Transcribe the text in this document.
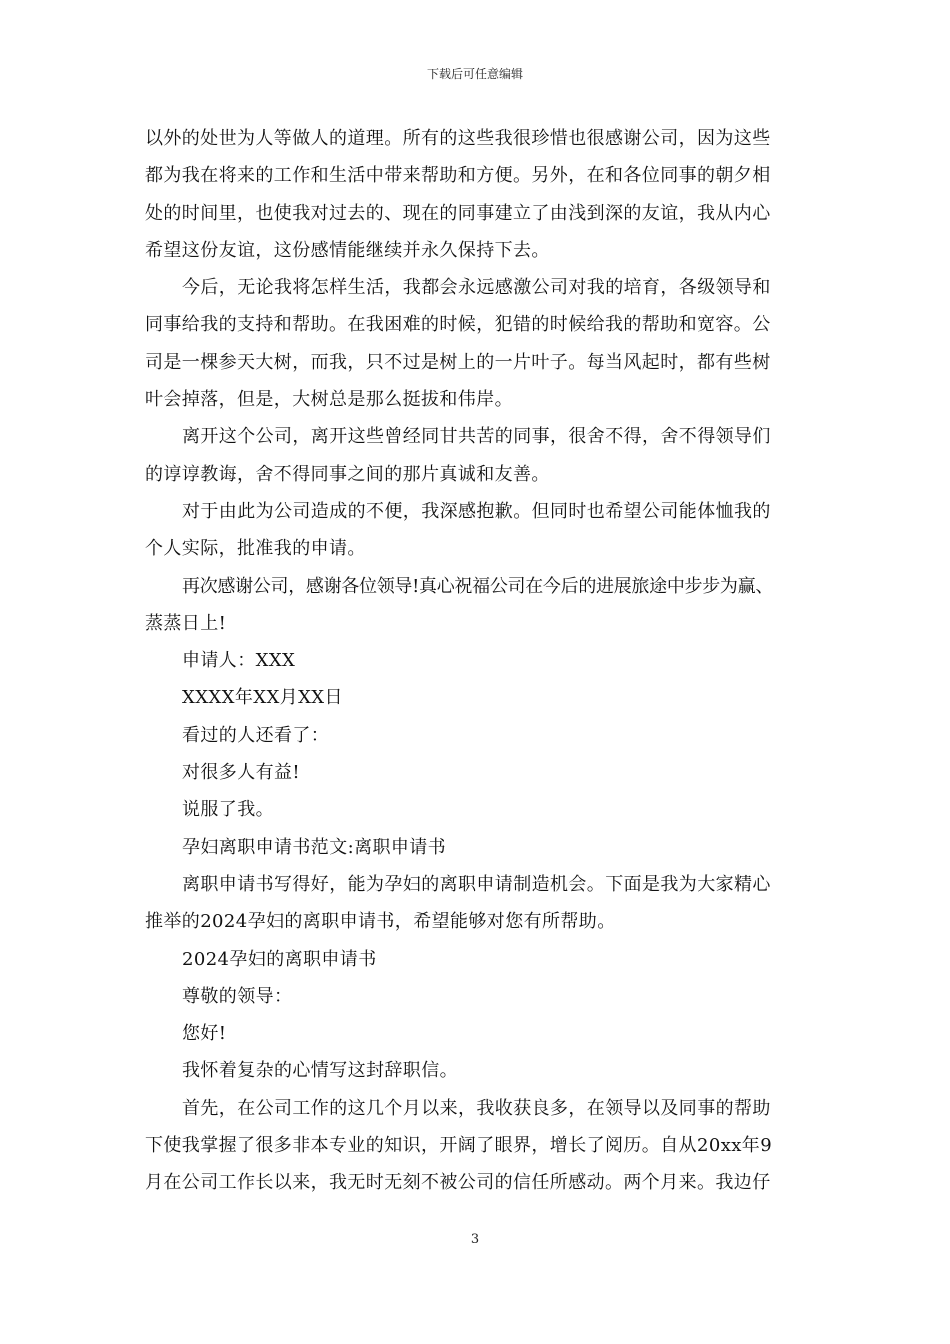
下载后可任意编辑
以外的处世为人等做人的道理。所有的这些我很珍惜也很感谢公司，因为这些
都为我在将来的工作和生活中带来帮助和方便。另外，在和各位同事的朝夕相
处的时间里，也使我对过去的、现在的同事建立了由浅到深的友谊，我从内心
希望这份友谊，这份感情能继续并永久保持下去。
今后，无论我将怎样生活，我都会永远感激公司对我的培育，各级领导和
同事给我的支持和帮助。在我困难的时候，犯错的时候给我的帮助和宽容。公
司是一棵参天大树，而我，只不过是树上的一片叶子。每当风起时，都有些树
叶会掉落，但是，大树总是那么挺拔和伟岸。
离开这个公司，离开这些曾经同甘共苦的同事，很舍不得，舍不得领导们
的谆谆教诲，舍不得同事之间的那片真诚和友善。
对于由此为公司造成的不便，我深感抱歉。但同时也希望公司能体恤我的
个人实际，批准我的申请。
再次感谢公司，感谢各位领导!真心祝福公司在今后的进展旅途中步步为赢、
蒸蒸日上!
申请人：XXX
XXXX年XX月XX日
看过的人还看了：
对很多人有益!
说服了我。
孕妇离职申请书范文:离职申请书
离职申请书写得好，能为孕妇的离职申请制造机会。下面是我为大家精心
推举的2024孕妇的离职申请书，希望能够对您有所帮助。
2024孕妇的离职申请书
尊敬的领导：
您好!
我怀着复杂的心情写这封辞职信。
首先，在公司工作的这几个月以来，我收获良多，在领导以及同事的帮助
下使我掌握了很多非本专业的知识，开阔了眼界，增长了阅历。自从20xx年9
月在公司工作长以来，我无时无刻不被公司的信任所感动。两个月来。我边仔
3
